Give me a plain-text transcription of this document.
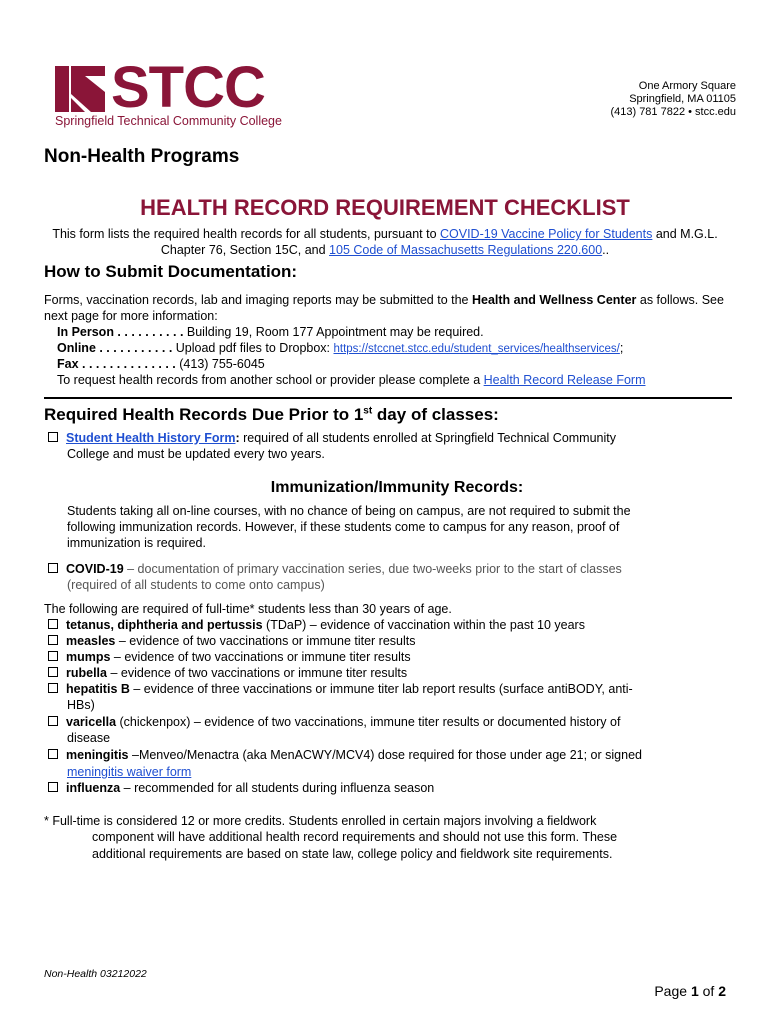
STCC
Springfield Technical Community College
One Armory Square
Springfield, MA 01105
(413) 781 7822 • stcc.edu
Non-Health Programs
HEALTH RECORD REQUIREMENT CHECKLIST
This form lists the required health records for all students, pursuant to COVID-19 Vaccine Policy for Students and M.G.L. Chapter 76, Section 15C, and 105 Code of Massachusetts Regulations 220.600..
How to Submit Documentation:
Forms, vaccination records, lab and imaging reports may be submitted to the Health and Wellness Center as follows. See next page for more information:
In Person . . . . . . . . . . Building 19, Room 177 Appointment may be required.
Online . . . . . . . . . . . Upload pdf files to Dropbox: https://stccnet.stcc.edu/student_services/healthservices/;
Fax . . . . . . . . . . . . . . (413) 755-6045
To request health records from another school or provider please complete a Health Record Release Form
Required Health Records Due Prior to 1st day of classes:
Student Health History Form: required of all students enrolled at Springfield Technical Community
College and must be updated every two years.
Immunization/Immunity Records:
Students taking all on-line courses, with no chance of being on campus, are not required to submit the
following immunization records. However, if these students come to campus for any reason, proof of
immunization is required.
COVID-19 – documentation of primary vaccination series, due two-weeks prior to the start of classes
(required of all students to come onto campus)
The following are required of full-time* students less than 30 years of age.
tetanus, diphtheria and pertussis (TDaP) – evidence of vaccination within the past 10 years
measles – evidence of two vaccinations or immune titer results
mumps – evidence of two vaccinations or immune titer results
rubella – evidence of two vaccinations or immune titer results
hepatitis B – evidence of three vaccinations or immune titer lab report results (surface antiBODY, anti-
HBs)
varicella (chickenpox) – evidence of two vaccinations, immune titer results or documented history of
disease
meningitis –Menveo/Menactra (aka MenACWY/MCV4) dose required for those under age 21; or signed
meningitis waiver form
influenza – recommended for all students during influenza season
* Full-time is considered 12 or more credits. Students enrolled in certain majors involving a fieldwork
component will have additional health record requirements and should not use this form. These
additional requirements are based on state law, college policy and fieldwork site requirements.
Non-Health 03212022
Page 1 of 2
